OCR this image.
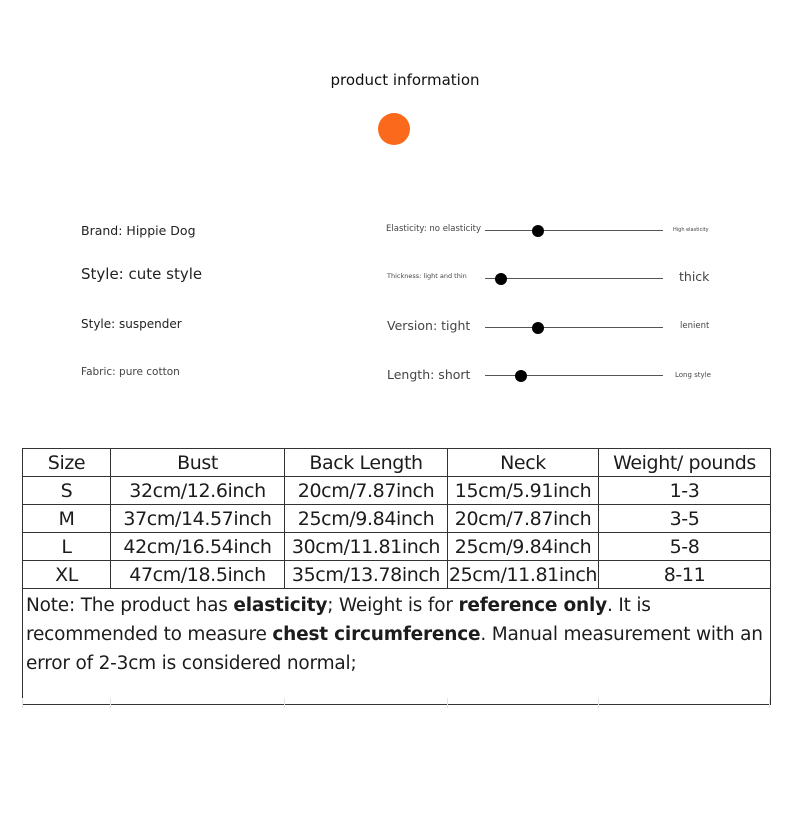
product information
Brand: Hippie Dog
Style: cute style
Style: suspender
Fabric: pure cotton
Elasticity: no elasticity	High elasticity
Thickness: light and thin	thick
Version: tight	lenient
Length: short	Long style
Size	Bust	Back Length	Neck	Weight/ pounds
S	32cm/12.6inch	20cm/7.87inch	15cm/5.91inch	1-3
M	37cm/14.57inch	25cm/9.84inch	20cm/7.87inch	3-5
L	42cm/16.54inch	30cm/11.81inch	25cm/9.84inch	5-8
XL	47cm/18.5inch	35cm/13.78inch	25cm/11.81inch	8-11
Note: The product has elasticity; Weight is for reference only. It is recommended to measure chest circumference. Manual measurement with an error of 2-3cm is considered normal;				
